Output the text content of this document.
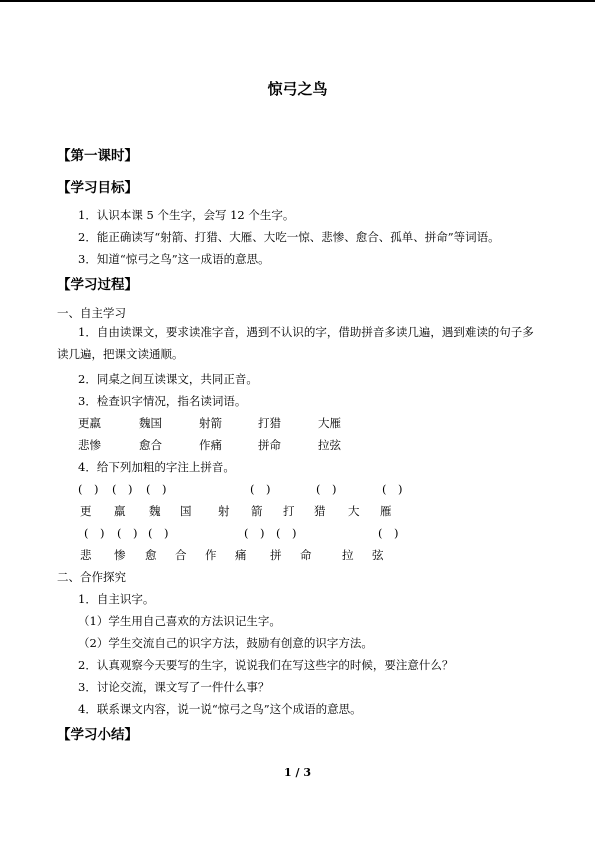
惊弓之鸟
【第一课时】
【学习目标】
1．认识本课 5 个生字，会写 12 个生字。
2．能正确读写“射箭、打猎、大雁、大吃一惊、悲惨、愈合、孤单、拼命”等词语。
3．知道“惊弓之鸟”这一成语的意思。
【学习过程】
一、自主学习
1．自由读课文，要求读准字音，遇到不认识的字，借助拼音多读几遍，遇到难读的句子多读几遍，把课文读通顺。
2．同桌之间互读课文，共同正音。
3．检查识字情况，指名读词语。
更羸	魏国	射箭	打猎	大雁
悲惨	愈合	作痛	拼命	拉弦
4．给下列加粗的字注上拼音。
(　) (　) (　)	(　)	(　)	(　)
更 羸 魏 国 射 箭 打 猎 大 雁
(　) (　) (　)	(　) (　)	(　)
悲 惨 愈 合 作 痛 拼 命	拉 弦
二、合作探究
1．自主识字。
（1）学生用自己喜欢的方法识记生字。
（2）学生交流自己的识字方法，鼓励有创意的识字方法。
2．认真观察今天要写的生字，说说我们在写这些字的时候，要注意什么？
3．讨论交流，课文写了一件什么事？
4．联系课文内容，说一说“惊弓之鸟”这个成语的意思。
【学习小结】
1 / 3
